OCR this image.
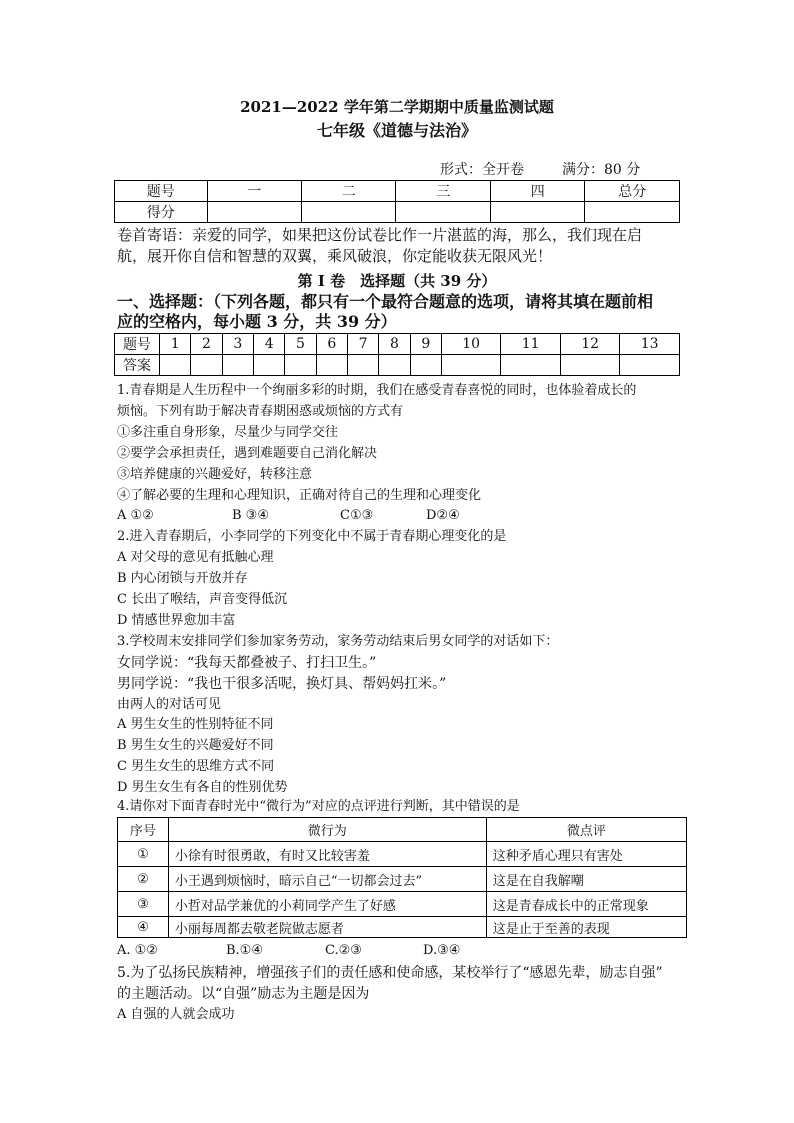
2021—2022 学年第二学期期中质量监测试题
七年级《道德与法治》
形式：全开卷	满分：80 分
题号	一	二	三	四	总分
得分					
卷首寄语：亲爱的同学，如果把这份试卷比作一片湛蓝的海，那么，我们现在启
航，展开你自信和智慧的双翼，乘风破浪，你定能收获无限风光！
第 I 卷　选择题（共 39 分）
一、选择题：（下列各题，都只有一个最符合题意的选项，请将其填在题前相
应的空格内，每小题 3 分，共 39 分）
题号	1	2	3	4	5	6	7	8	9	10	11	12	13
答案													
1.青春期是人生历程中一个绚丽多彩的时期，我们在感受青春喜悦的同时，也体验着成长的
烦恼。下列有助于解决青春期困惑或烦恼的方式有
①多注重自身形象，尽量少与同学交往
②要学会承担责任，遇到难题要自己消化解决
③培养健康的兴趣爱好，转移注意
④了解必要的生理和心理知识，正确对待自己的生理和心理变化
A ①②	B ③④	C①③	D②④
2.进入青春期后，小李同学的下列变化中不属于青春期心理变化的是
A 对父母的意见有抵触心理
B 内心闭锁与开放并存
C 长出了喉结，声音变得低沉
D 情感世界愈加丰富
3.学校周末安排同学们参加家务劳动，家务劳动结束后男女同学的对话如下：
女同学说：“我每天都叠被子、打扫卫生。”
男同学说：“我也干很多活呢，换灯具、帮妈妈扛米。”
由两人的对话可见
A 男生女生的性别特征不同
B 男生女生的兴趣爱好不同
C 男生女生的思维方式不同
D 男生女生有各自的性别优势
4.请你对下面青春时光中“微行为”对应的点评进行判断，其中错误的是
序号	微行为	微点评
①	小徐有时很勇敢，有时又比较害羞	这种矛盾心理只有害处
②	小王遇到烦恼时，暗示自己“一切都会过去”	这是在自我解嘲
③	小哲对品学兼优的小莉同学产生了好感	这是青春成长中的正常现象
④	小丽每周都去敬老院做志愿者	这是止于至善的表现
A. ①②	B.①④	C.②③	D.③④
5.为了弘扬民族精神，增强孩子们的责任感和使命感，某校举行了“感恩先辈，励志自强”
的主题活动。以“自强”励志为主题是因为
A 自强的人就会成功
